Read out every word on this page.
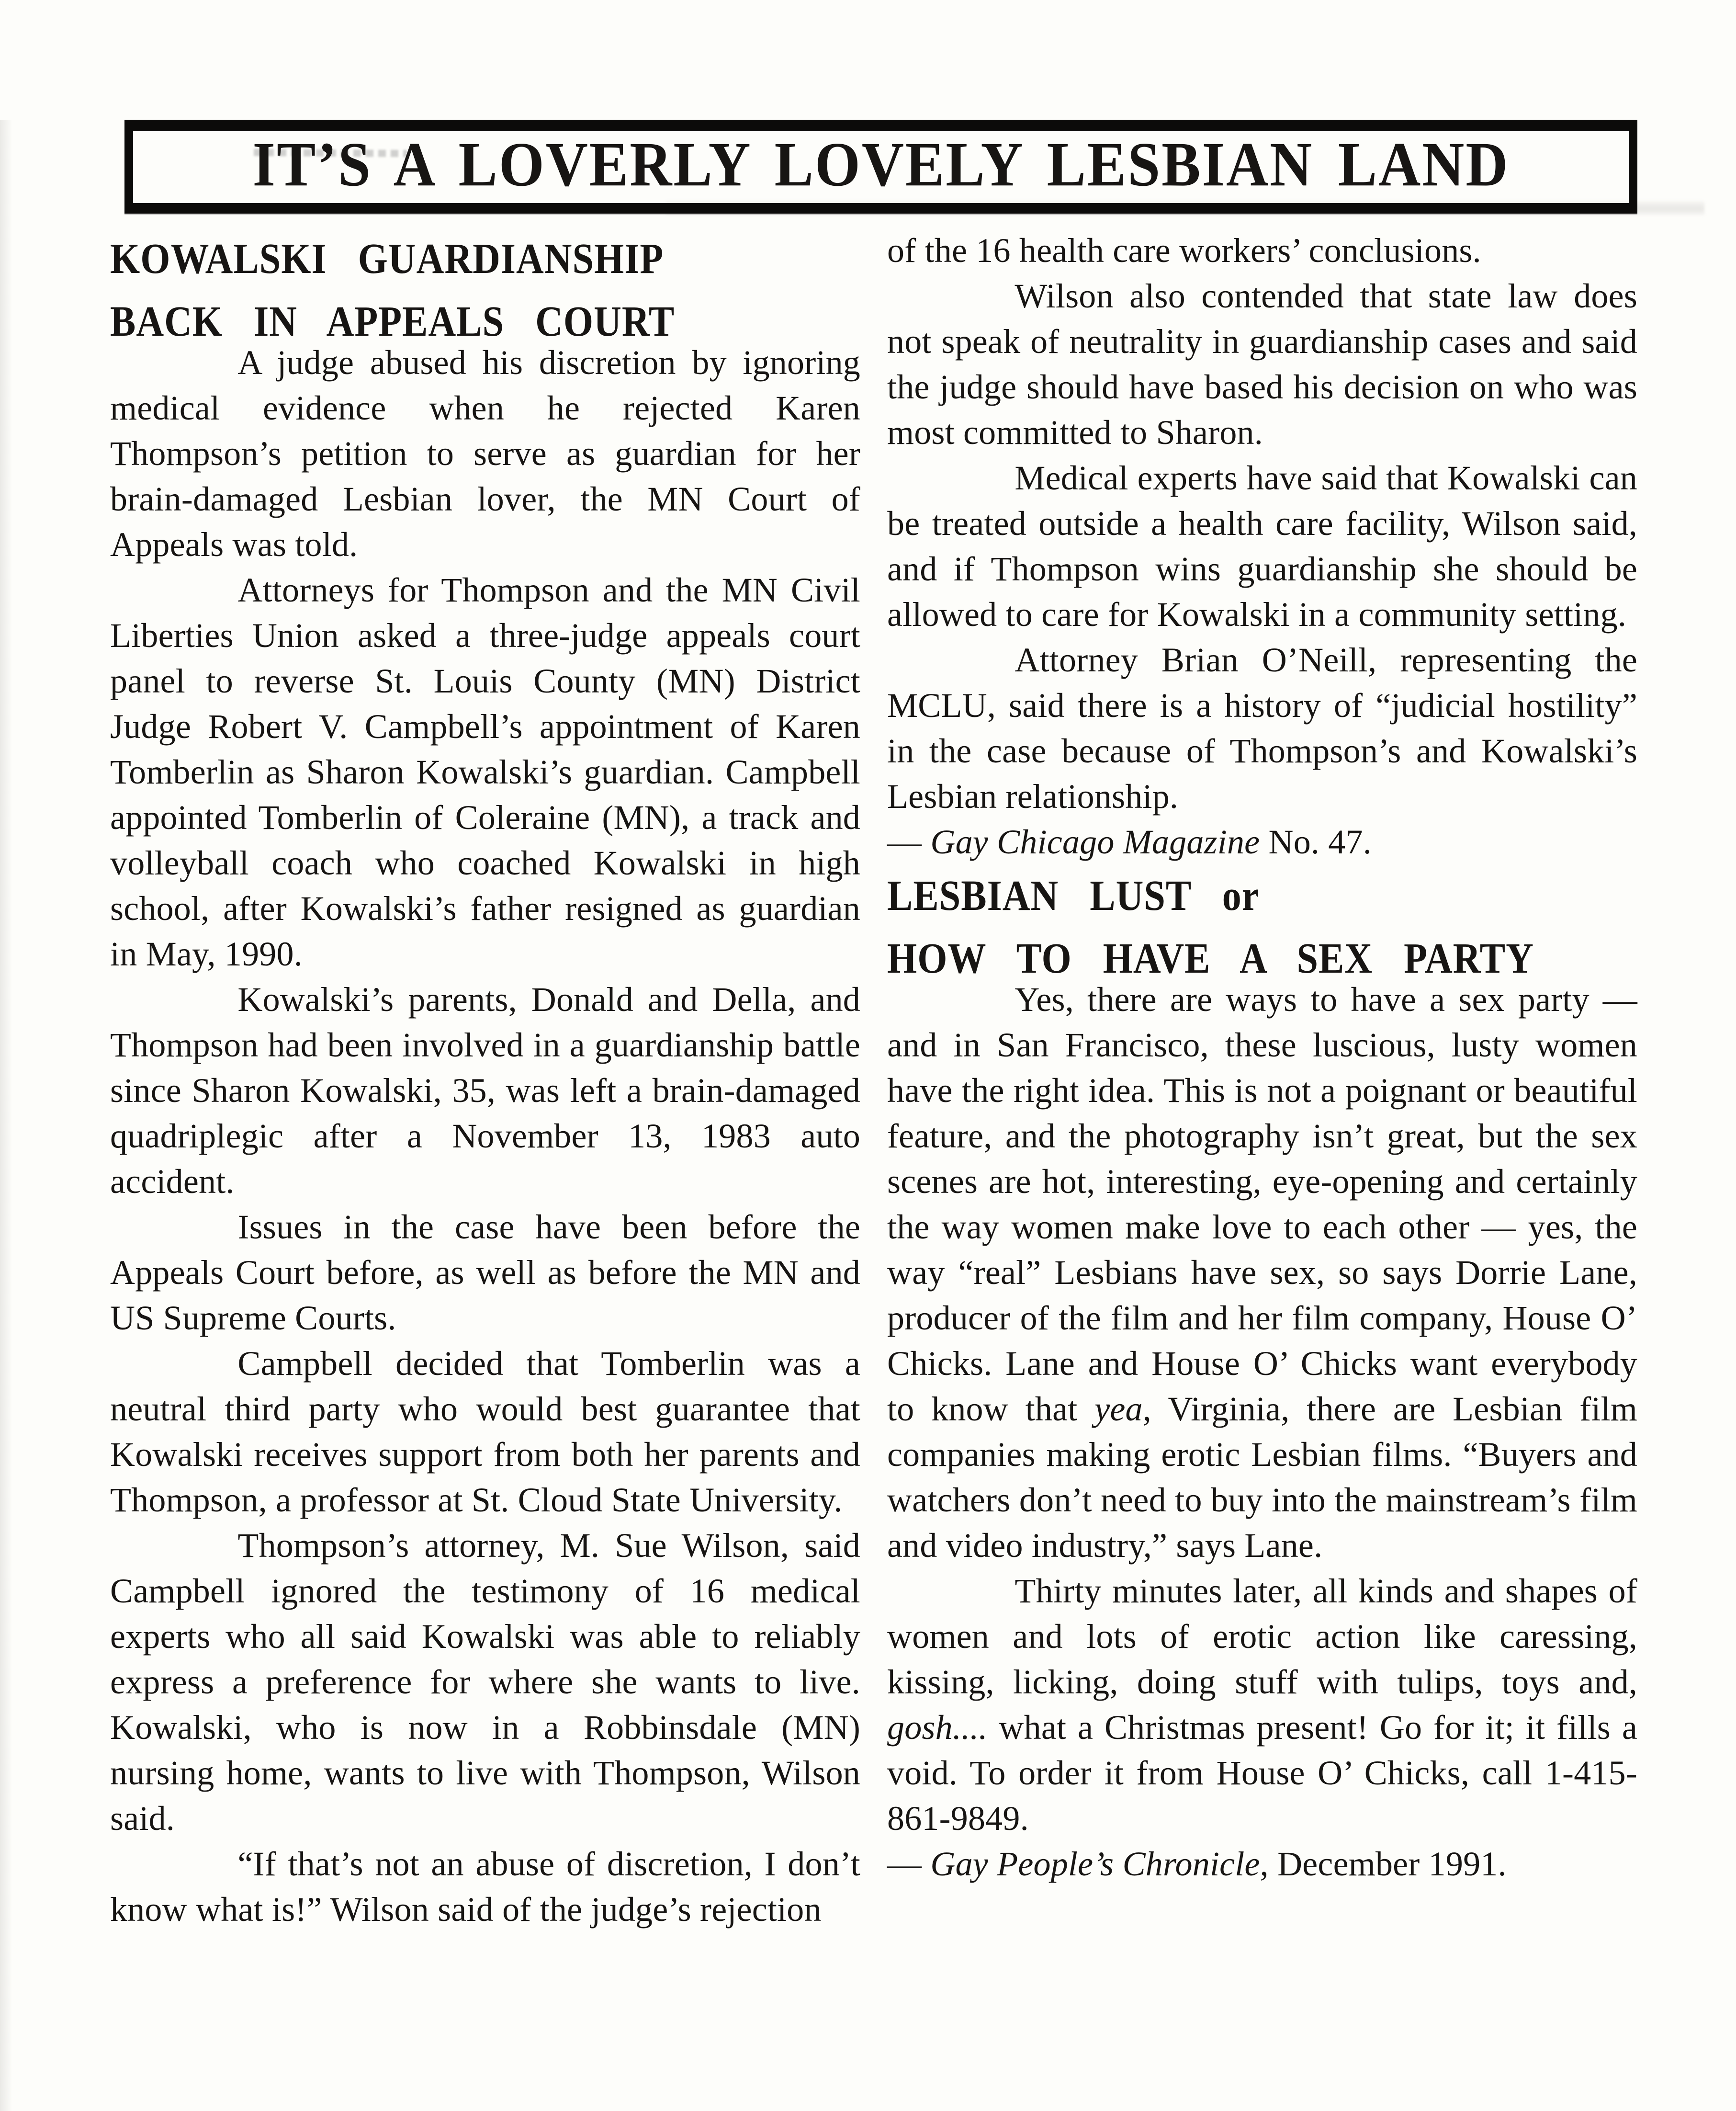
IT’S A LOVERLY LOVELY LESBIAN LAND
KOWALSKI GUARDIANSHIP
BACK IN APPEALS COURT

A judge abused his discretion by ignoring medical evidence when he rejected Karen Thompson’s petition to serve as guardian for her brain-damaged Lesbian lover, the MN Court of Appeals was told.

Attorneys for Thompson and the MN Civil Liberties Union asked a three-judge appeals court panel to reverse St. Louis County (MN) District Judge Robert V. Campbell’s appointment of Karen Tomberlin as Sharon Kowalski’s guardian. Campbell appointed Tomberlin of Coleraine (MN), a track and volleyball coach who coached Kowalski in high school, after Kowalski’s father resigned as guardian in May, 1990.

Kowalski’s parents, Donald and Della, and Thompson had been involved in a guardianship battle since Sharon Kowalski, 35, was left a brain-damaged quadriplegic after a November 13, 1983 auto accident.

Issues in the case have been before the Appeals Court before, as well as before the MN and US Supreme Courts.

Campbell decided that Tomberlin was a neutral third party who would best guarantee that Kowalski receives support from both her parents and Thompson, a professor at St. Cloud State University.

Thompson’s attorney, M. Sue Wilson, said Campbell ignored the testimony of 16 medical experts who all said Kowalski was able to reliably express a preference for where she wants to live. Kowalski, who is now in a Robbinsdale (MN) nursing home, wants to live with Thompson, Wilson said.

“If that’s not an abuse of discretion, I don’t know what is!” Wilson said of the judge’s rejection

of the 16 health care workers’ conclusions.

Wilson also contended that state law does not speak of neutrality in guardianship cases and said the judge should have based his decision on who was most committed to Sharon.

Medical experts have said that Kowalski can be treated outside a health care facility, Wilson said, and if Thompson wins guardianship she should be allowed to care for Kowalski in a community setting.

Attorney Brian O’Neill, representing the MCLU, said there is a history of “judicial hostility” in the case because of Thompson’s and Kowalski’s Lesbian relationship.

— Gay Chicago Magazine No. 47.

LESBIAN LUST or
HOW TO HAVE A SEX PARTY

Yes, there are ways to have a sex party — and in San Francisco, these luscious, lusty women have the right idea. This is not a poignant or beautiful feature, and the photography isn’t great, but the sex scenes are hot, interesting, eye-opening and certainly the way women make love to each other — yes, the way “real” Lesbians have sex, so says Dorrie Lane, producer of the film and her film company, House O’ Chicks. Lane and House O’ Chicks want everybody to know that yea, Virginia, there are Lesbian film companies making erotic Lesbian films. “Buyers and watchers don’t need to buy into the mainstream’s film and video industry,” says Lane.

Thirty minutes later, all kinds and shapes of women and lots of erotic action like caressing, kissing, licking, doing stuff with tulips, toys and, gosh.... what a Christmas present! Go for it; it fills a void. To order it from House O’ Chicks, call 1-415-861-9849.

— Gay People’s Chronicle, December 1991.
